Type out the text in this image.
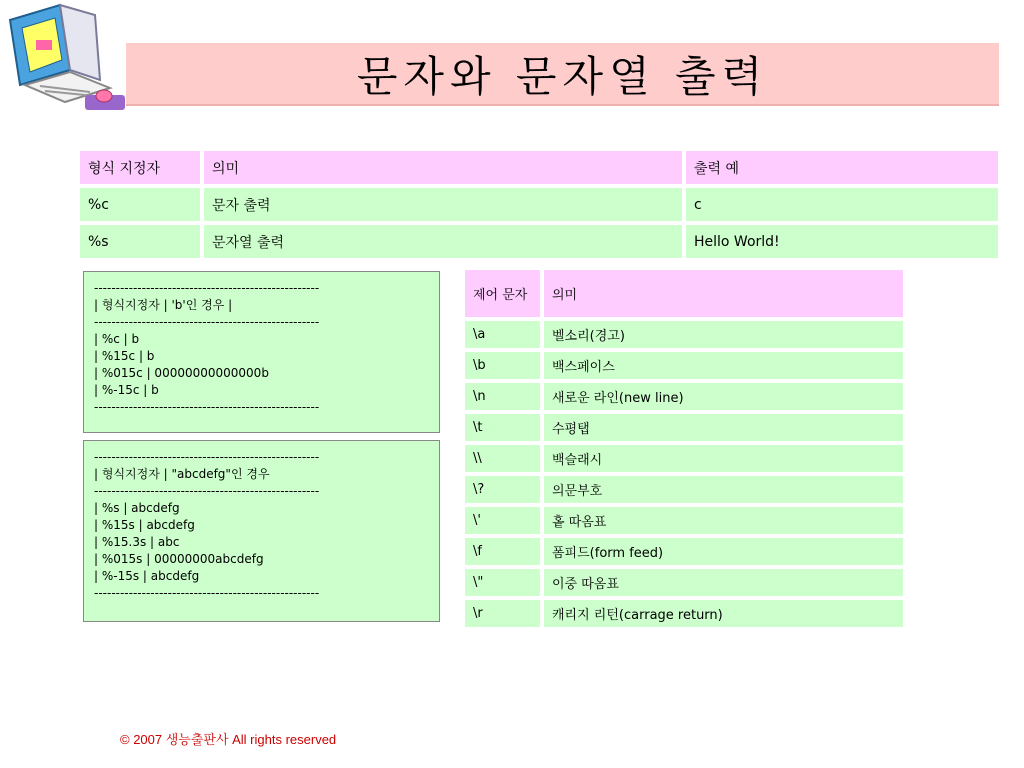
문자와 문자열 출력
형식 지정자	의미	출력 예
%c	문자 출력	c
%s	문자열 출력	Hello World!
----------------------------------------------------
| 형식지정자 | 'b'인 경우 |
----------------------------------------------------
| %c | b
| %15c | b
| %015c | 00000000000000b
| %-15c | b
----------------------------------------------------
----------------------------------------------------
| 형식지정자 | "abcdefg"인 경우
----------------------------------------------------
| %s | abcdefg
| %15s | abcdefg
| %15.3s | abc
| %015s | 00000000abcdefg
| %-15s | abcdefg
----------------------------------------------------
제어 문자	의미
\a	벨소리(경고)
\b	백스페이스
\n	새로운 라인(new line)
\t	수평탭
\\	백슬래시
\?	의문부호
\'	홑 따옴표
\f	폼피드(form feed)
\"	이중 따옴표
\r	캐리지 리턴(carrage return)
© 2007 생능출판사 All rights reserved
